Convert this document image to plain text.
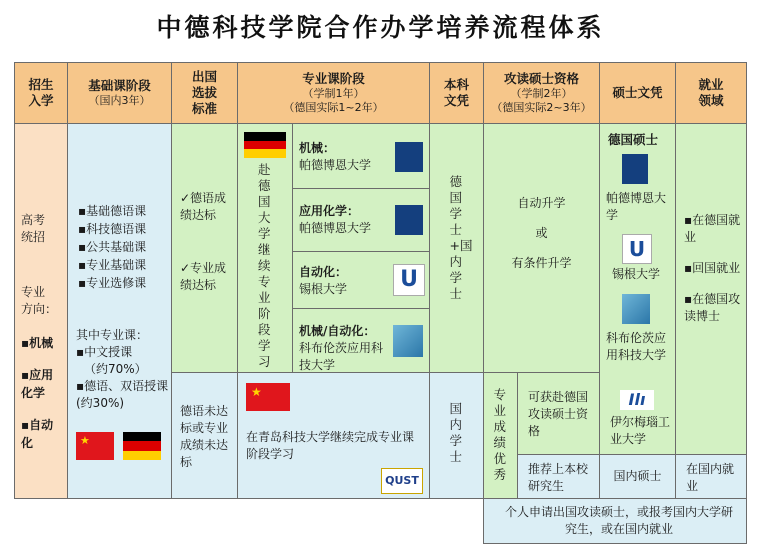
中德科技学院合作办学培养流程体系
招生
入学
基础课阶段
（国内3年）
出国
选拔
标准
专业课阶段
（学制1年）
（德国实际1~2年）
本科
文凭
攻读硕士资格
（学制2年）
（德国实际2~3年）
硕士文凭
就业
领域
高考
统招
专业
方向：
▪机械
▪应用化学
▪自动化
▪基础德语课
▪科技德语课
▪公共基础课
▪专业基础课
▪专业选修课
其中专业课：
▪中文授课
（约70%）
▪德语、双语授课(约30%)
★
✓德语成绩达标
✓专业成绩达标
德语未达标或专业成绩未达标
赴德国大学继续专业阶段学习
机械：
帕德博恩大学
应用化学：
帕德博恩大学
自动化：
锡根大学	U
机械/自动化：
科布伦茨应用科技大学
★
在青岛科技大学继续完成专业课阶段学习
QUST
德国学士+国内学士
国内学士
自动升学
或
有条件升学
专业成绩优秀
可获赴德国攻读硕士资格
推荐上本校研究生
德国硕士
帕德博恩大学
U
锡根大学
科布伦茨应用科技大学
Ilı
伊尔梅瑙工业大学
国内硕士
▪在德国就业
▪回国就业
▪在德国攻读博士
在国内就业
个人申请出国攻读硕士，或报考国内大学研究生，或在国内就业
